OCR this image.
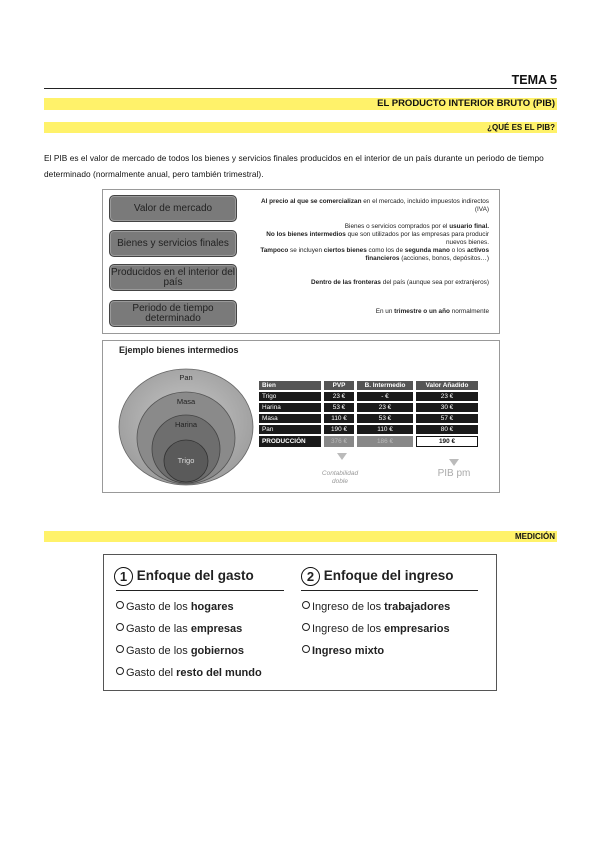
TEMA 5
EL PRODUCTO INTERIOR BRUTO (PIB)
¿QUÉ ES EL PIB?
El PIB es el valor de mercado de todos los bienes y servicios finales producidos en el interior de un país durante un periodo de tiempo determinado (normalmente anual, pero también trimestral).
Valor de mercado
Bienes y servicios finales
Producidos en el interior del país
Periodo de tiempo determinado
Al precio al que se comercializan en el mercado, incluido impuestos indirectos (IVA)
Bienes o servicios comprados por el usuario final.
No los bienes intermedios que son utilizados por las empresas para producir nuevos bienes.
Tampoco se incluyen ciertos bienes como los de segunda mano o los activos financieros (acciones, bonos, depósitos…)
Dentro de las fronteras del país (aunque sea por extranjeros)
En un trimestre o un año normalmente
Ejemplo bienes intermedios
Pan
Masa
Harina
Trigo
Bien	PVP	B. Intermedio	Valor Añadido
Trigo	23 €	- €	23 €
Harina	53 €	23 €	30 €
Masa	110 €	53 €	57 €
Pan	190 €	110 €	80 €
PRODUCCIÓN	376 €	186 €	190 €
Contabilidad doble
PIB pm
MEDICIÓN
1 Enfoque del gasto	2 Enfoque del ingreso
Gasto de los hogares
Gasto de las empresas
Gasto de los gobiernos
Gasto del resto del mundo
Ingreso de los trabajadores
Ingreso de los empresarios
Ingreso mixto
